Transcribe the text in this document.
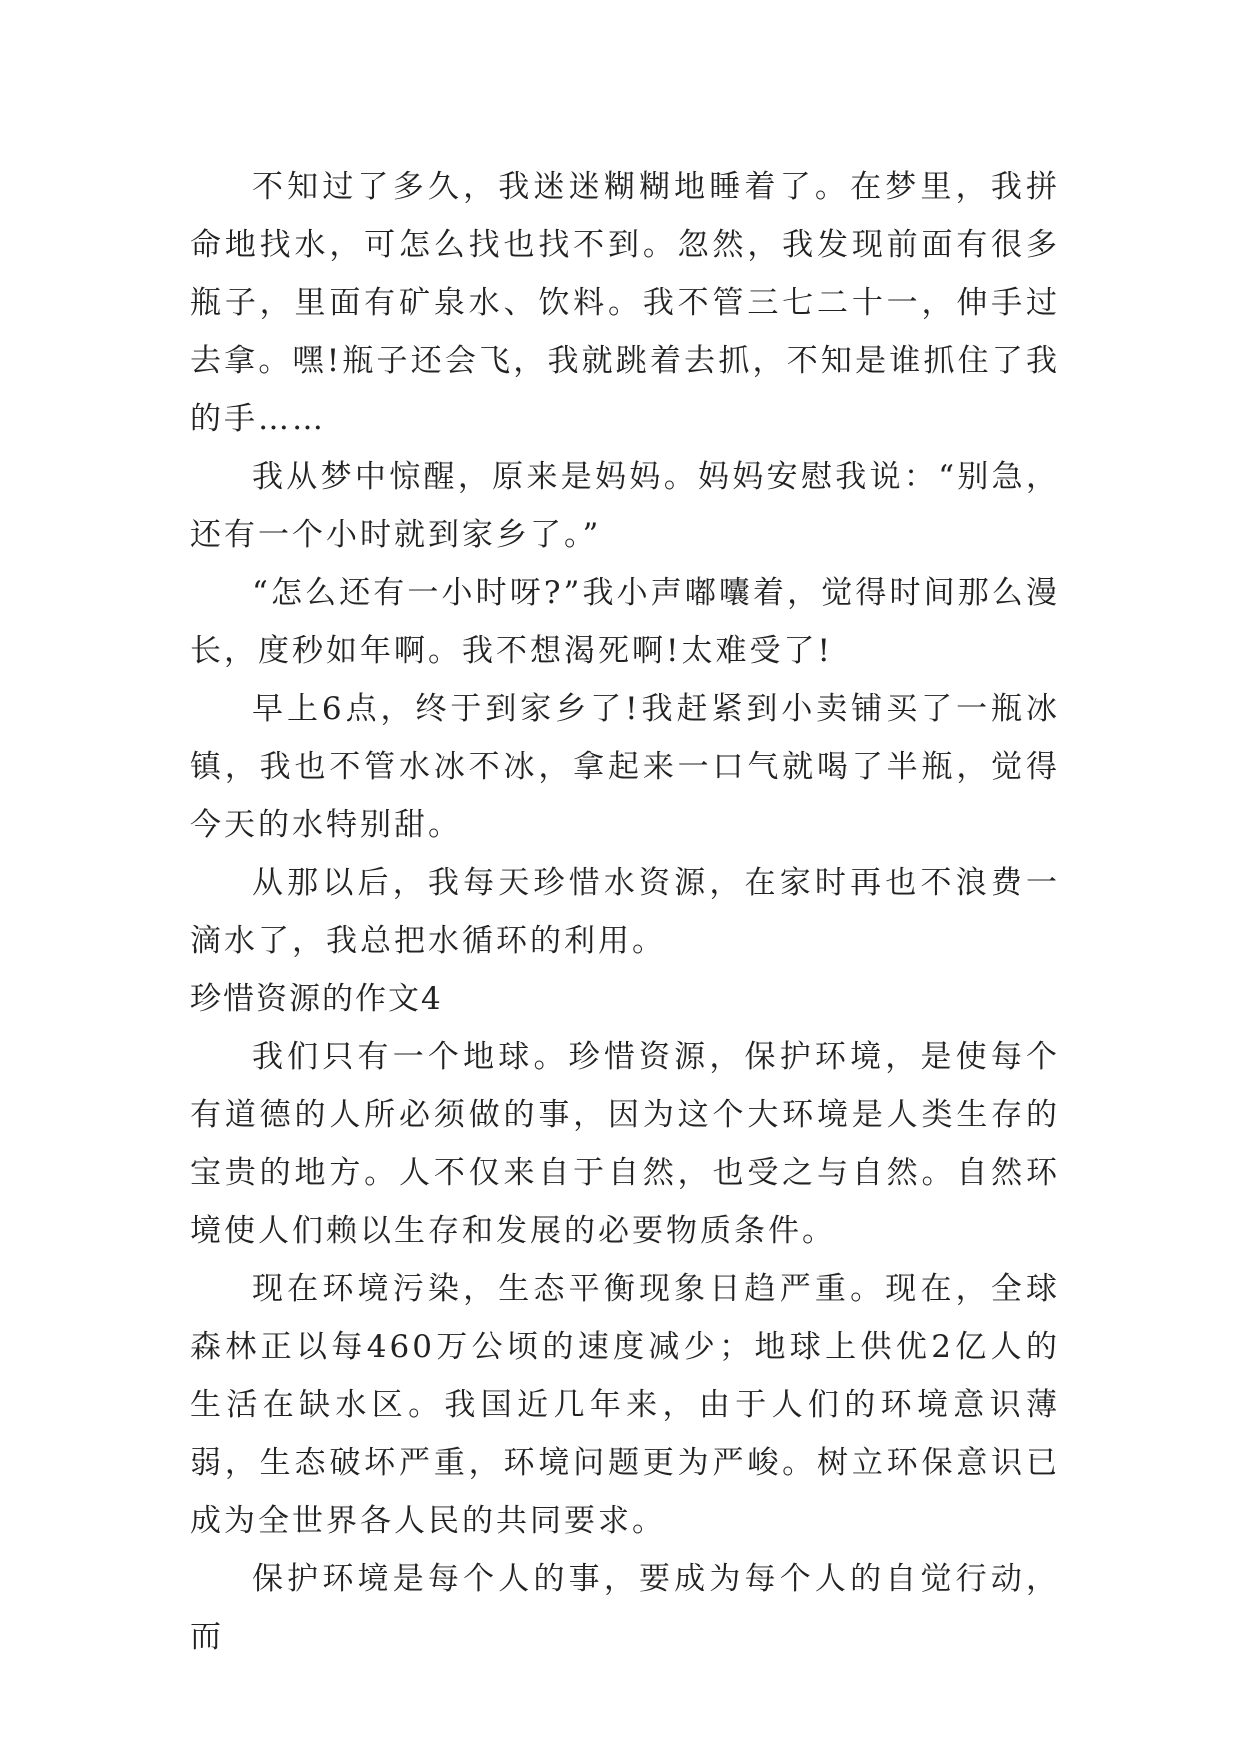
不知过了多久，我迷迷糊糊地睡着了。在梦里，我拼命地找水，可怎么找也找不到。忽然，我发现前面有很多瓶子，里面有矿泉水、饮料。我不管三七二十一，伸手过去拿。嘿!瓶子还会飞，我就跳着去抓，不知是谁抓住了我的手……

我从梦中惊醒，原来是妈妈。妈妈安慰我说：“别急，还有一个小时就到家乡了。”

“怎么还有一小时呀?”我小声嘟囔着，觉得时间那么漫长，度秒如年啊。我不想渴死啊!太难受了!

早上6点，终于到家乡了!我赶紧到小卖铺买了一瓶冰镇，我也不管水冰不冰，拿起来一口气就喝了半瓶，觉得今天的水特别甜。

从那以后，我每天珍惜水资源，在家时再也不浪费一滴水了，我总把水循环的利用。

珍惜资源的作文4

我们只有一个地球。珍惜资源，保护环境，是使每个有道德的人所必须做的事，因为这个大环境是人类生存的宝贵的地方。人不仅来自于自然，也受之与自然。自然环境使人们赖以生存和发展的必要物质条件。

现在环境污染，生态平衡现象日趋严重。现在，全球森林正以每460万公顷的速度减少；地球上供优2亿人的生活在缺水区。我国近几年来，由于人们的环境意识薄弱，生态破坏严重，环境问题更为严峻。树立环保意识已成为全世界各人民的共同要求。

保护环境是每个人的事，要成为每个人的自觉行动，而
